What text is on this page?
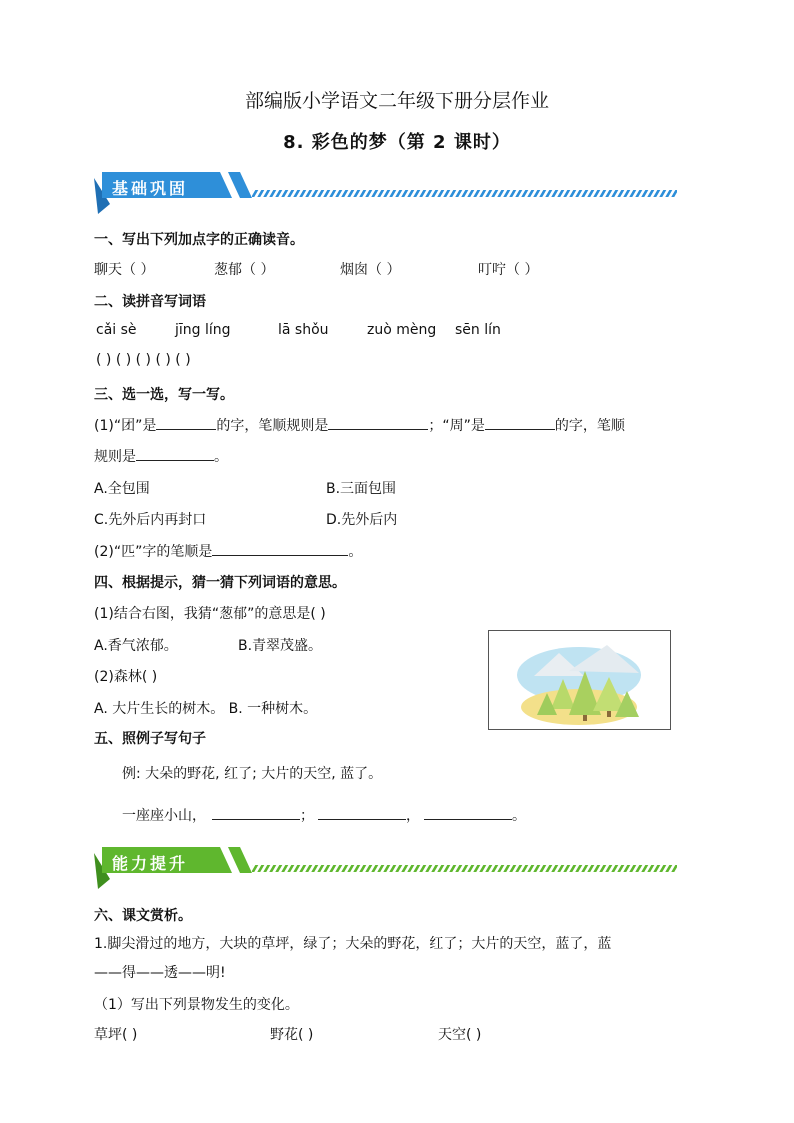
部编版小学语文二年级下册分层作业
8. 彩色的梦（第 2 课时）
基础巩固
一、写出下列加点字的正确读音。
聊天（ ）	葱郁（ ）	烟囱（ ）	叮咛（ ）
二、读拼音写词语
cǎi sè	jīng líng	lā shǒu	zuò mèng sēn lín
( ) ( ) ( ) ( ) ( )
三、选一选，写一写。
(1)“团”是	的字，笔顺规则是	；“周”是	的字，笔顺
规则是	。
A.全包围	B.三面包围
C.先外后内再封口	D.先外后内
(2)“匹”字的笔顺是	。
四、根据提示，猜一猜下列词语的意思。
(1)结合右图，我猜“葱郁”的意思是( )
A.香气浓郁。	B.青翠茂盛。
(2)森林( )
A. 大片生长的树木。 B. 一种树木。
五、照例子写句子
例: 大朵的野花, 红了; 大片的天空, 蓝了。
一座座小山，	；	，	。
能力提升
六、课文赏析。
1.脚尖滑过的地方，大块的草坪，绿了；大朵的野花，红了；大片的天空，蓝了，蓝
——得——透——明!
（1）写出下列景物发生的变化。
草坪( )	野花( )	天空( )
